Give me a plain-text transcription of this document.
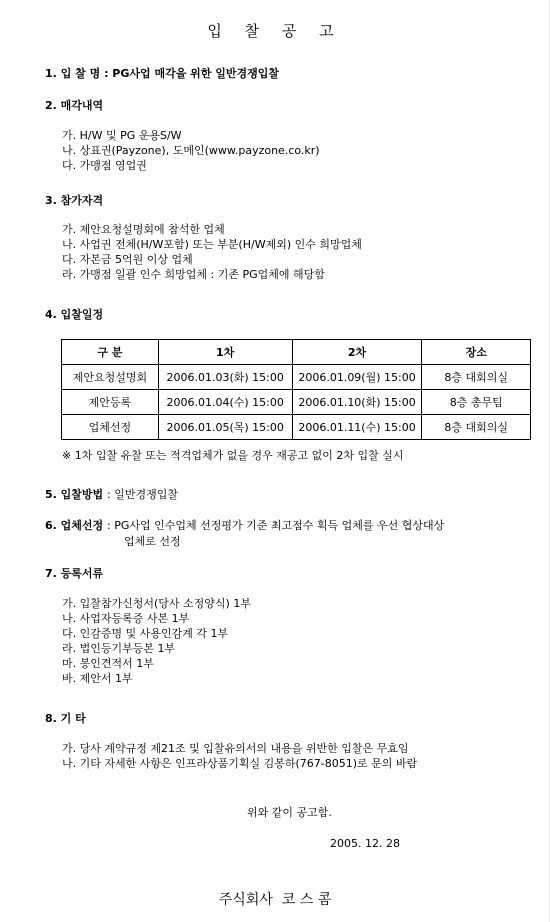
입 찰 공 고
1. 입 찰 명 : PG사업 매각을 위한 일반경쟁입찰
2. 매각내역
가. H/W 및 PG 운용S/W
나. 상표권(Payzone), 도메인(www.payzone.co.kr)
다. 가맹점 영업권
3. 참가자격
가. 제안요청설명회에 참석한 업체
나. 사업권 전체(H/W포함) 또는 부분(H/W제외) 인수 희망업체
다. 자본금 5억원 이상 업체
라. 가맹점 일괄 인수 희망업체 : 기존 PG업체에 해당함
4. 입찰일정
구 분	1차	2차	장소
제안요청설명회	2006.01.03(화) 15:00	2006.01.09(월) 15:00	8층 대회의실
제안등록	2006.01.04(수) 15:00	2006.01.10(화) 15:00	8층 총무팀
업체선정	2006.01.05(목) 15:00	2006.01.11(수) 15:00	8층 대회의실
※ 1차 입찰 유찰 또는 적격업체가 없을 경우 재공고 없이 2차 입찰 실시
5. 입찰방법 : 일반경쟁입찰
6. 업체선정 : PG사업 인수업체 선정평가 기준 최고점수 획득 업체를 우선 협상대상
업체로 선정
7. 등록서류
가. 입찰참가신청서(당사 소정양식) 1부
나. 사업자등록증 사본 1부
다. 인감증명 및 사용인감계 각 1부
라. 법인등기부등본 1부
마. 봉인견적서 1부
바. 제안서 1부
8. 기 타
가. 당사 계약규정 제21조 및 입찰유의서의 내용을 위반한 입찰은 무효임
나. 기타 자세한 사항은 인프라상품기획실 김봉하(767-8051)로 문의 바람
위와 같이 공고함.
2005. 12. 28
주식회사  코 스 콤
